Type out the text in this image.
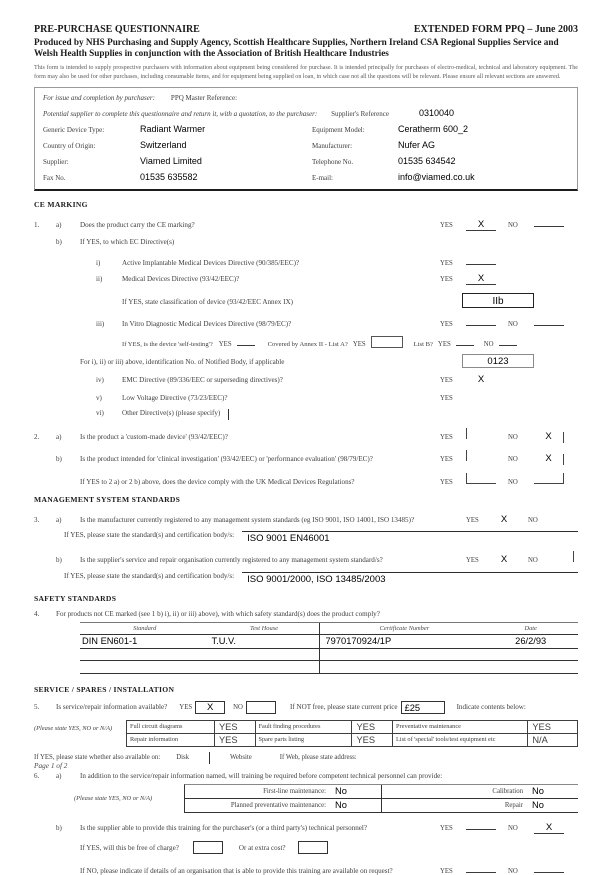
PRE-PURCHASE QUESTIONNAIRE	EXTENDED FORM PPQ – June 2003
Produced by NHS Purchasing and Supply Agency, Scottish Healthcare Supplies, Northern Ireland CSA Regional Supplies Service and Welsh Health Supplies in conjunction with the Association of British Healthcare Industries
This form is intended to supply prospective purchasers with information about equipment being considered for purchase. It is intended principally for purchases of electro-medical, technical and laboratory equipment. The form may also be used for other purchases, including consumable items, and for equipment being supplied on loan, in which case not all the questions will be relevant. Please ensure all relevant sections are answered.
For issue and completion by purchaser: PPQ Master Reference:
Potential supplier to complete this questionnaire and return it, with a quotation, to the purchaser: Supplier's Reference	0310040
Generic Device Type:	Radiant Warmer	Equipment Model:	Ceratherm 600_2
Country of Origin:	Switzerland	Manufacturer:	Nufer AG
Supplier:	Viamed Limited	Telephone No.	01535 634542
Fax No.	01535 635582	E-mail:	info@viamed.co.uk
CE MARKING
1.	a)	Does the product carry the CE marking?	YES	X	NO
b)	If YES, to which EC Directive(s)
i)	Active Implantable Medical Devices Directive (90/385/EEC)?	YES
ii)	Medical Devices Directive (93/42/EEC)?	YES	X
If YES, state classification of device (93/42/EEC Annex IX)	IIb
iii)	In Vitro Diagnostic Medical Devices Directive (98/79/EC)?	YES	NO
If YES, is the device 'self-testing'? YES	Covered by Annex II - List A? YES	List B? YES	NO
For i), ii) or iii) above, identification No. of Notified Body, if applicable	0123
iv)	EMC Directive (89/336/EEC or superseding directives)?	YES	X
v)	Low Voltage Directive (73/23/EEC)?	YES
vi)	Other Directive(s) (please specify)
2.	a)	Is the product a 'custom-made device' (93/42/EEC)?	YES	NO	X
b)	Is the product intended for 'clinical investigation' (93/42/EEC) or 'performance evaluation' (98/79/EC)?	YES	NO	X
If YES to 2 a) or 2 b) above, does the device comply with the UK Medical Devices Regulations?	YES	NO
MANAGEMENT SYSTEM STANDARDS
3.	a)	Is the manufacturer currently registered to any management system standards (eg ISO 9001, ISO 14001, ISO 13485)?	YES	X	NO
If YES, please state the standard(s) and certification body/s:	ISO 9001 EN46001
b)	Is the supplier's service and repair organisation currently registered to any management system standard/s?	YES	X	NO
If YES, please state the standard(s) and certification body/s:	ISO 9001/2000, ISO 13485/2003
SAFETY STANDARDS
4.	For products not CE marked (see 1 b) i), ii) or iii) above), with which safety standard(s) does the product comply?
Standard	Test House	Certificate Number	Date
DIN EN601-1	T.U.V.	7970170924/1P	26/2/93

SERVICE / SPARES / INSTALLATION
5.	Is service/repair information available? YES	X	NO	If NOT free, please state current price £25	Indicate contents below:
(Please state YES, NO or N/A)	Full circuit diagrams	YES	Fault finding procedures	YES	Preventative maintenance	YES
Repair information	YES	Spare parts listing	YES	List of 'special' tools/test equipment etc	N/A
If YES, please state whether also available on: Disk	Website	If Web, please state address:
6.	a)	In addition to the service/repair information named, will training be required before competent technical personnel can provide:
(Please state YES, NO or N/A)
First-line maintenance: No	Calibration No
Planned preventative maintenance: No	Repair No
b)	Is the supplier able to provide this training for the purchaser's (or a third party's) technical personnel?	YES	NO	X
If YES, will this be free of charge?	Or at extra cost?
If NO, please indicate if details of an organisation that is able to provide this training are available on request?	YES	NO
Page 1 of 2
